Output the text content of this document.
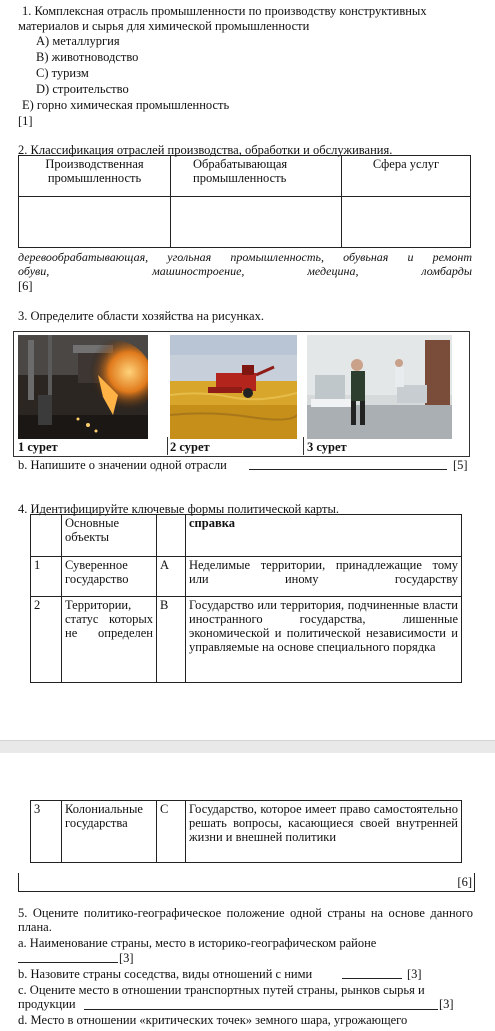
1. Комплексная отрасль промышленности по производству конструктивных
материалов и сырья для химической промышленности
A) металлургия
B) животноводство
C) туризм
D) строительство
E) горно химическая промышленность
[1]
2. Классификация отраслей производства, обработки и обслуживания.
Производственная промышленность	Обрабатывающая промышленность	Сфера услуг

деревообрабатывающая, угольная промышленность, обувьная и ремонт
обуви,	машиностроение,	медецина,	ломбарды
[6]
3. Определите области хозяйства на рисунках.
1 сурет	2 сурет	3 сурет
b. Напишите о значении одной отрасли	[5]
4. Идентифицируйте ключевые формы политической карты.
	Основные объекты		справка
1	Суверенное государство	A	Неделимые территории, принадлежащие тому или иному государству
2	Территории, статус которых не определен	B	Государство или территория, подчиненные власти иностранного государства, лишенные экономической и политической независимости и управляемые на основе специального порядка
3	Колониальные государства	C	Государство, которое имеет право самостоятельно решать вопросы, касающиеся своей внутренней жизни и внешней политики
[6]
5. Оцените политико-географическое положение одной страны на основе данного плана.
a. Наименование страны, место в историко-географическом районе
[3]
b. Назовите страны соседства, виды отношений с ними	[3]
c. Оцените место в отношении транспортных путей страны, рынков сырья и продукции	[3]
d. Место в отношении «критических точек» земного шара, угрожающего
